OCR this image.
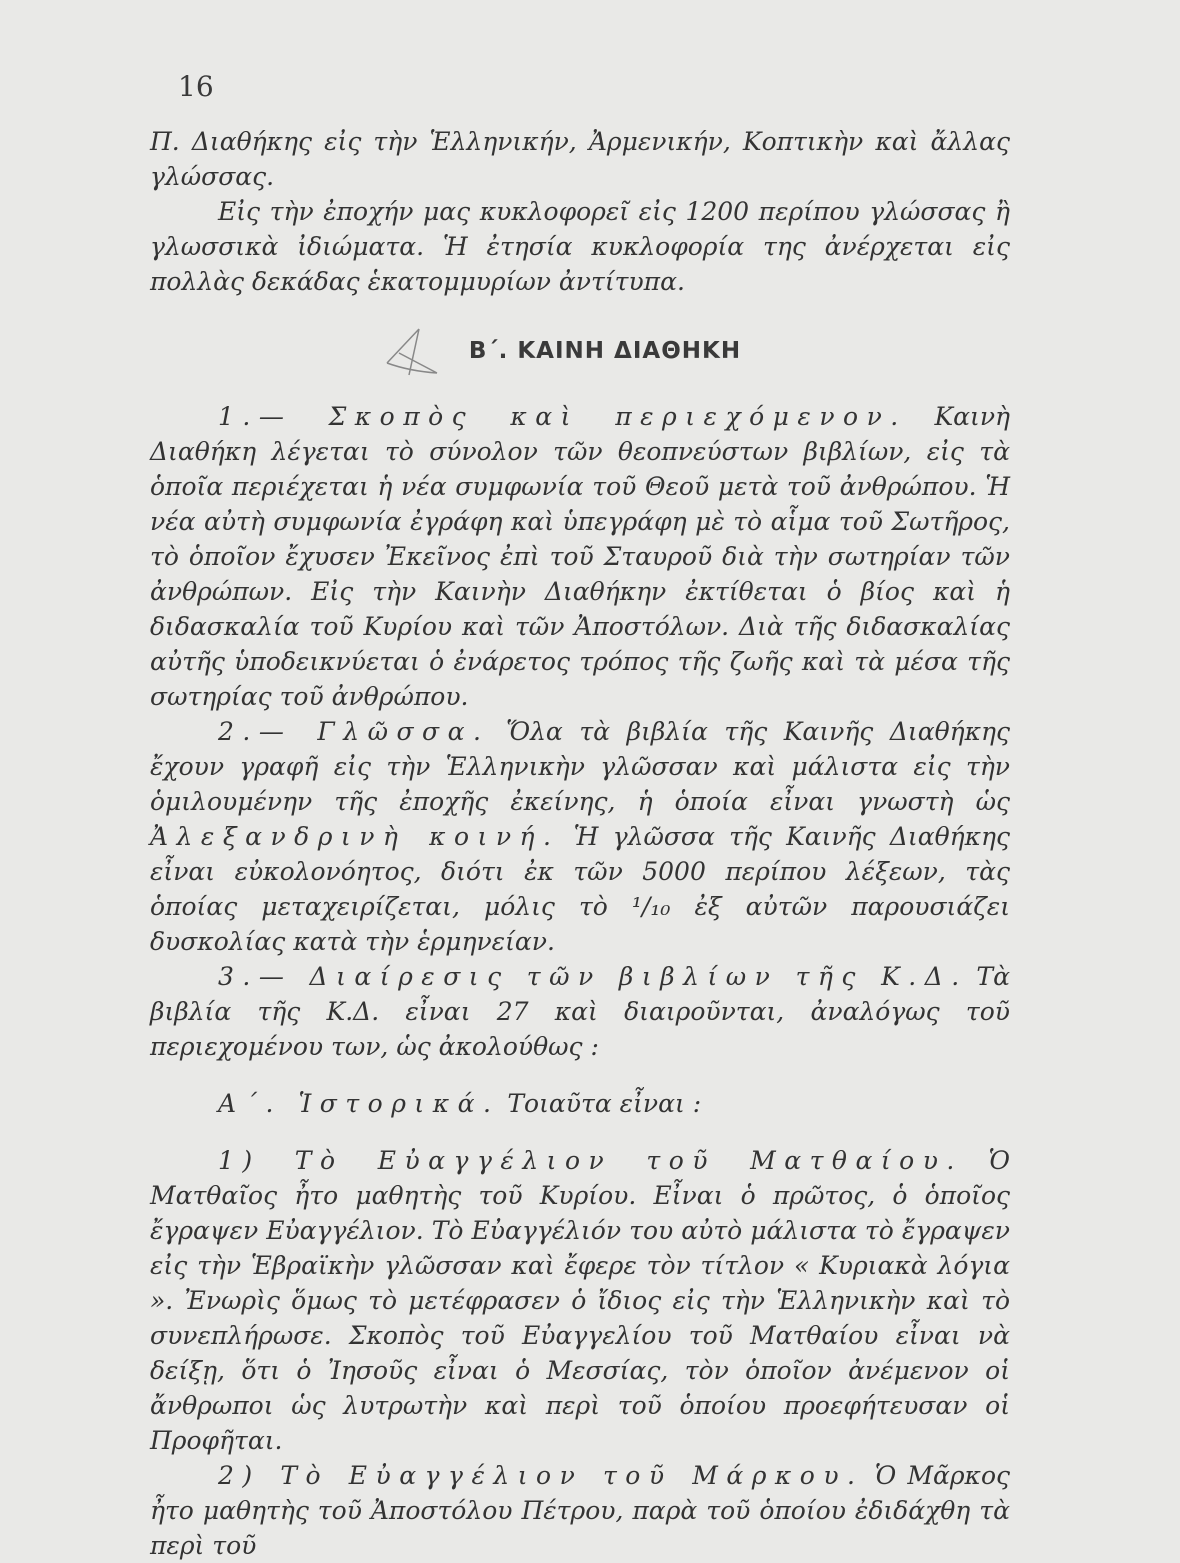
16

Π. Διαθήκης εἰς τὴν Ἑλληνικήν, Ἀρμενικήν, Κοπτικὴν καὶ ἄλλας γλώσσας.

Εἰς τὴν ἐποχήν μας κυκλοφορεῖ εἰς 1200 περίπου γλώσσας ἢ γλωσσικὰ ἰδιώματα. Ἡ ἐτησία κυκλοφορία της ἀνέρχεται εἰς πολλὰς δεκάδας ἑκατομμυρίων ἀντίτυπα.

Β΄. ΚΑΙΝΗ ΔΙΑΘΗΚΗ

1.— Σκοπὸς καὶ περιεχόμενον. Καινὴ Διαθήκη λέγεται τὸ σύνολον τῶν θεοπνεύστων βιβλίων, εἰς τὰ ὁποῖα περιέχεται ἡ νέα συμφωνία τοῦ Θεοῦ μετὰ τοῦ ἀνθρώπου. Ἡ νέα αὐτὴ συμφωνία ἐγράφη καὶ ὑπεγράφη μὲ τὸ αἷμα τοῦ Σωτῆρος, τὸ ὁποῖον ἔχυσεν Ἐκεῖνος ἐπὶ τοῦ Σταυροῦ διὰ τὴν σωτηρίαν τῶν ἀνθρώπων. Εἰς τὴν Καινὴν Διαθήκην ἐκτίθεται ὁ βίος καὶ ἡ διδασκαλία τοῦ Κυρίου καὶ τῶν Ἀποστόλων. Διὰ τῆς διδασκαλίας αὐτῆς ὑποδεικνύεται ὁ ἐνάρετος τρόπος τῆς ζωῆς καὶ τὰ μέσα τῆς σωτηρίας τοῦ ἀνθρώπου.

2.— Γλῶσσα. Ὅλα τὰ βιβλία τῆς Καινῆς Διαθήκης ἔχουν γραφῆ εἰς τὴν Ἑλληνικὴν γλῶσσαν καὶ μάλιστα εἰς τὴν ὁμιλουμένην τῆς ἐποχῆς ἐκείνης, ἡ ὁποία εἶναι γνωστὴ ὡς Ἀλεξανδρινὴ κοινή. Ἡ γλῶσσα τῆς Καινῆς Διαθήκης εἶναι εὐκολονόητος, διότι ἐκ τῶν 5000 περίπου λέξεων, τὰς ὁποίας μεταχειρίζεται, μόλις τὸ ¹/₁₀ ἐξ αὐτῶν παρουσιάζει δυσκολίας κατὰ τὴν ἑρμηνείαν.

3.— Διαίρεσις τῶν βιβλίων τῆς Κ.Δ. Τὰ βιβλία τῆς Κ.Δ. εἶναι 27 καὶ διαιροῦνται, ἀναλόγως τοῦ περιεχομένου των, ὡς ἀκολούθως :

Α΄. Ἱστορικά. Τοιαῦτα εἶναι :

1) Τὸ Εὐαγγέλιον τοῦ Ματθαίου. Ὁ Ματθαῖος ἦτο μαθητὴς τοῦ Κυρίου. Εἶναι ὁ πρῶτος, ὁ ὁποῖος ἔγραψεν Εὐαγγέλιον. Τὸ Εὐαγγέλιόν του αὐτὸ μάλιστα τὸ ἔγραψεν εἰς τὴν Ἑβραϊκὴν γλῶσσαν καὶ ἔφερε τὸν τίτλον « Κυριακὰ λόγια ». Ἐνωρὶς ὅμως τὸ μετέφρασεν ὁ ἴδιος εἰς τὴν Ἑλληνικὴν καὶ τὸ συνεπλήρωσε. Σκοπὸς τοῦ Εὐαγγελίου τοῦ Ματθαίου εἶναι νὰ δείξῃ, ὅτι ὁ Ἰησοῦς εἶναι ὁ Μεσσίας, τὸν ὁποῖον ἀνέμενον οἱ ἄνθρωποι ὡς λυτρωτὴν καὶ περὶ τοῦ ὁποίου προεφήτευσαν οἱ Προφῆται.

2) Τὸ Εὐαγγέλιον τοῦ Μάρκου. Ὁ Μᾶρκος ἦτο μαθητὴς τοῦ Ἀποστόλου Πέτρου, παρὰ τοῦ ὁποίου ἐδιδάχθη τὰ περὶ τοῦ
